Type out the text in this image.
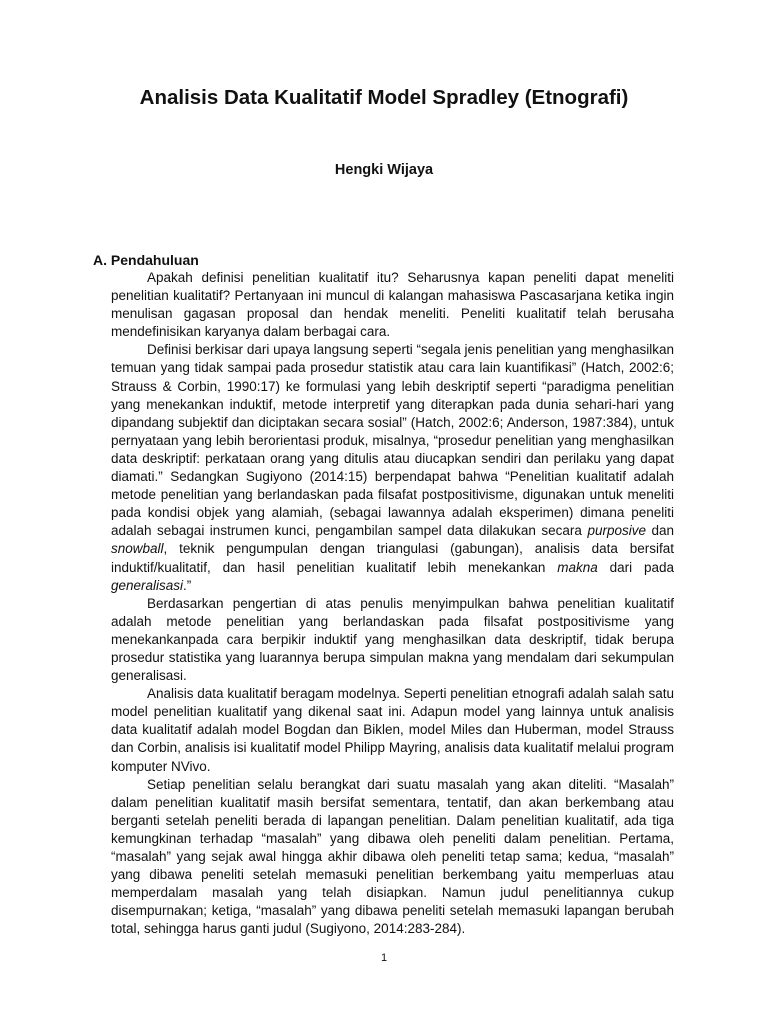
Analisis Data Kualitatif Model Spradley (Etnografi)
Hengki Wijaya
A. Pendahuluan

Apakah definisi penelitian kualitatif itu? Seharusnya kapan peneliti dapat meneliti penelitian kualitatif? Pertanyaan ini muncul di kalangan mahasiswa Pascasarjana ketika ingin menulisan gagasan proposal dan hendak meneliti. Peneliti kualitatif telah berusaha mendefinisikan karyanya dalam berbagai cara.

Definisi berkisar dari upaya langsung seperti “segala jenis penelitian yang menghasilkan temuan yang tidak sampai pada prosedur statistik atau cara lain kuantifikasi” (Hatch, 2002:6; Strauss & Corbin, 1990:17) ke formulasi yang lebih deskriptif seperti “paradigma penelitian yang menekankan induktif, metode interpretif yang diterapkan pada dunia sehari-hari yang dipandang subjektif dan diciptakan secara sosial” (Hatch, 2002:6; Anderson, 1987:384), untuk pernyataan yang lebih berorientasi produk, misalnya, “prosedur penelitian yang menghasilkan data deskriptif: perkataan orang yang ditulis atau diucapkan sendiri dan perilaku yang dapat diamati.” Sedangkan Sugiyono (2014:15) berpendapat bahwa “Penelitian kualitatif adalah metode penelitian yang berlandaskan pada filsafat postpositivisme, digunakan untuk meneliti pada kondisi objek yang alamiah, (sebagai lawannya adalah eksperimen) dimana peneliti adalah sebagai instrumen kunci, pengambilan sampel data dilakukan secara purposive dan snowball, teknik pengumpulan dengan triangulasi (gabungan), analisis data bersifat induktif/kualitatif, dan hasil penelitian kualitatif lebih menekankan makna dari pada generalisasi.”

Berdasarkan pengertian di atas penulis menyimpulkan bahwa penelitian kualitatif adalah metode penelitian yang berlandaskan pada filsafat postpositivisme yang menekankanpada cara berpikir induktif yang menghasilkan data deskriptif, tidak berupa prosedur statistika yang luarannya berupa simpulan makna yang mendalam dari sekumpulan generalisasi.

Analisis data kualitatif beragam modelnya. Seperti penelitian etnografi adalah salah satu model penelitian kualitatif yang dikenal saat ini. Adapun model yang lainnya untuk analisis data kualitatif adalah model Bogdan dan Biklen, model Miles dan Huberman, model Strauss dan Corbin, analisis isi kualitatif model Philipp Mayring, analisis data kualitatif melalui program komputer NVivo.

Setiap penelitian selalu berangkat dari suatu masalah yang akan diteliti. “Masalah” dalam penelitian kualitatif masih bersifat sementara, tentatif, dan akan berkembang atau berganti setelah peneliti berada di lapangan penelitian. Dalam penelitian kualitatif, ada tiga kemungkinan terhadap “masalah” yang dibawa oleh peneliti dalam penelitian. Pertama, “masalah” yang sejak awal hingga akhir dibawa oleh peneliti tetap sama; kedua, “masalah” yang dibawa peneliti setelah memasuki penelitian berkembang yaitu memperluas atau memperdalam masalah yang telah disiapkan. Namun judul penelitiannya cukup disempurnakan; ketiga, “masalah” yang dibawa peneliti setelah memasuki lapangan berubah total, sehingga harus ganti judul (Sugiyono, 2014:283-284).

1
